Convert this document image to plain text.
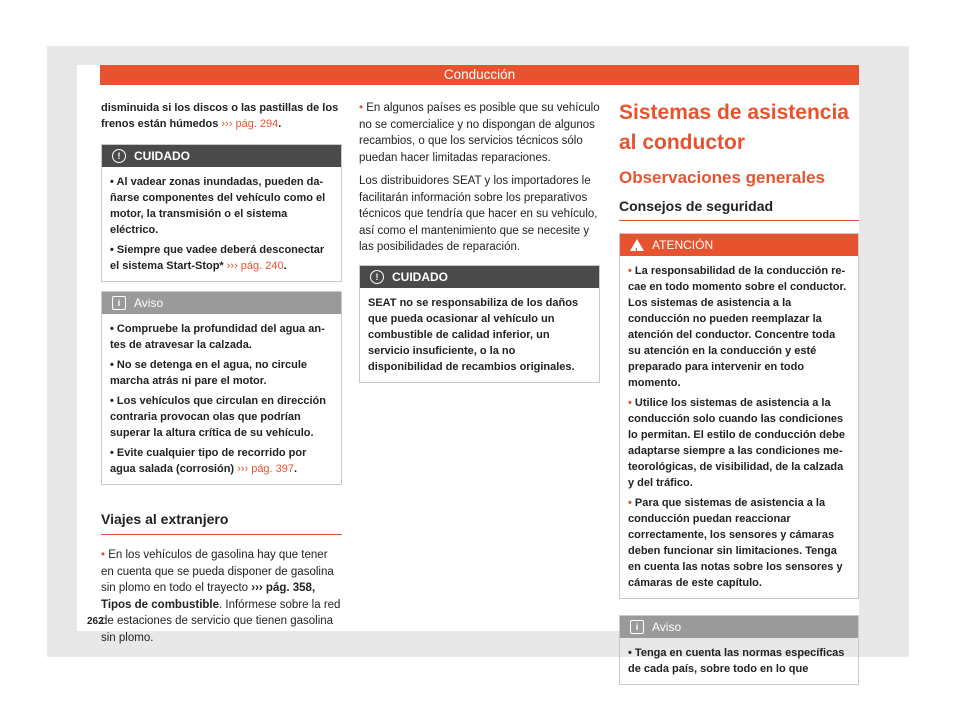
Conducción

disminuida si los discos o las pastillas de los frenos están húmedos ››› pág. 294.

!	CUIDADO

• Al vadear zonas inundadas, pueden dañarse componentes del vehículo como el motor, la transmisión o el sistema eléctrico.

• Siempre que vadee deberá desconectar el sistema Start-Stop* ››› pág. 240.

i	Aviso

• Compruebe la profundidad del agua antes de atravesar la calzada.

• No se detenga en el agua, no circule marcha atrás ni pare el motor.

• Los vehículos que circulan en dirección contraria provocan olas que podrían superar la altura crítica de su vehículo.

• Evite cualquier tipo de recorrido por agua salada (corrosión) ››› pág. 397.

Viajes al extranjero

• En los vehículos de gasolina hay que tener en cuenta que se pueda disponer de gasolina sin plomo en todo el trayecto ››› pág. 358, Tipos de combustible. Infórmese sobre la red de estaciones de servicio que tienen gasolina sin plomo.

• En algunos países es posible que su vehículo no se comercialice y no dispongan de algunos recambios, o que los servicios técnicos sólo puedan hacer limitadas reparaciones.

Los distribuidores SEAT y los importadores le facilitarán información sobre los preparativos técnicos que tendría que hacer en su vehículo, así como el mantenimiento que se necesite y las posibilidades de reparación.

!	CUIDADO

SEAT no se responsabiliza de los daños que pueda ocasionar al vehículo un combustible de calidad inferior, un servicio insuficiente, o la no disponibilidad de recambios originales.

Sistemas de asistencia al conductor

Observaciones generales

Consejos de seguridad
! ATENCIÓN

• La responsabilidad de la conducción recae en todo momento sobre el conductor. Los sistemas de asistencia a la conducción no pueden reemplazar la atención del conductor. Concentre toda su atención en la conducción y esté preparado para intervenir en todo momento.

• Utilice los sistemas de asistencia a la conducción solo cuando las condiciones lo permitan. El estilo de conducción debe adaptarse siempre a las condiciones meteorológicas, de visibilidad, de la calzada y del tráfico.

• Para que sistemas de asistencia a la conducción puedan reaccionar correctamente, los sensores y cámaras deben funcionar sin limitaciones. Tenga en cuenta las notas sobre los sensores y cámaras de este capítulo.

i	Aviso

• Tenga en cuenta las normas específicas de cada país, sobre todo en lo que

262
